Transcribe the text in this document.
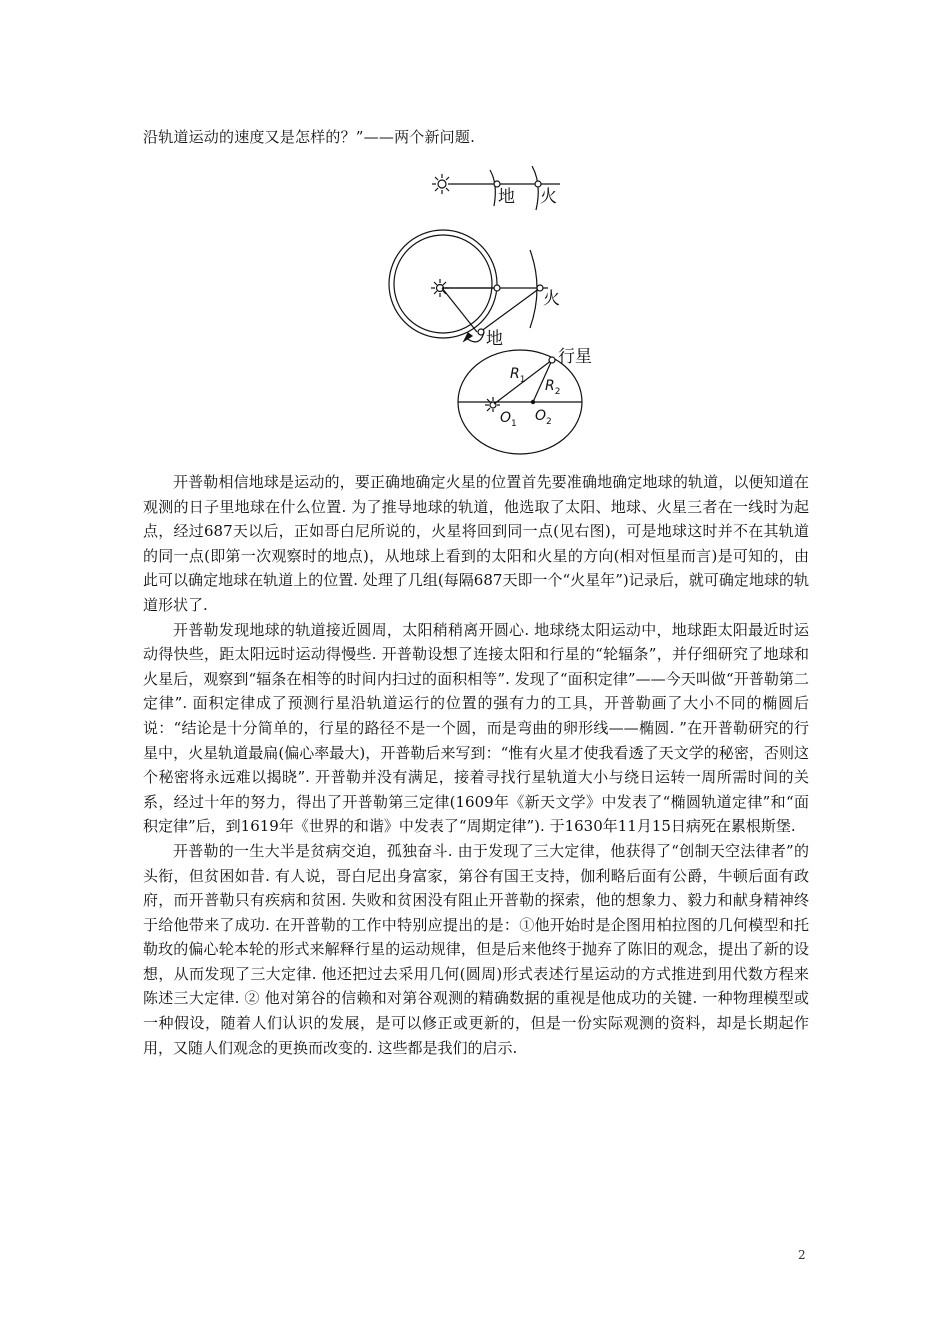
沿轨道运动的速度又是怎样的？”——两个新问题.
地 火
火
地
行星
$R_1$ $R_2$
$O_1$ $O_2$

开普勒相信地球是运动的，要正确地确定火星的位置首先要准确地确定地球的轨道，以便知道在观测的日子里地球在什么位置. 为了推导地球的轨道，他选取了太阳、地球、火星三者在一线时为起点，经过687天以后，正如哥白尼所说的，火星将回到同一点(见右图)，可是地球这时并不在其轨道的同一点(即第一次观察时的地点)，从地球上看到的太阳和火星的方向(相对恒星而言)是可知的，由此可以确定地球在轨道上的位置. 处理了几组(每隔687天即一个“火星年”)记录后，就可确定地球的轨道形状了.

开普勒发现地球的轨道接近圆周，太阳稍稍离开圆心. 地球绕太阳运动中，地球距太阳最近时运动得快些，距太阳远时运动得慢些. 开普勒设想了连接太阳和行星的“轮辐条”，并仔细研究了地球和火星后，观察到“辐条在相等的时间内扫过的面积相等”. 发现了“面积定律”——今天叫做“开普勒第二定律”. 面积定律成了预测行星沿轨道运行的位置的强有力的工具，开普勒画了大小不同的椭圆后说：“结论是十分简单的，行星的路径不是一个圆，而是弯曲的卵形线——椭圆. ”在开普勒研究的行星中，火星轨道最扁(偏心率最大)，开普勒后来写到：“惟有火星才使我看透了天文学的秘密，否则这个秘密将永远难以揭晓”. 开普勒并没有满足，接着寻找行星轨道大小与绕日运转一周所需时间的关系，经过十年的努力，得出了开普勒第三定律(1609年《新天文学》中发表了“椭圆轨道定律”和“面积定律”后，到1619年《世界的和谐》中发表了“周期定律”). 于1630年11月15日病死在累根斯堡.

开普勒的一生大半是贫病交迫，孤独奋斗. 由于发现了三大定律，他获得了“创制天空法律者”的头衔，但贫困如昔. 有人说，哥白尼出身富家，第谷有国王支持，伽利略后面有公爵，牛顿后面有政府，而开普勒只有疾病和贫困. 失败和贫困没有阻止开普勒的探索，他的想象力、毅力和献身精神终于给他带来了成功. 在开普勒的工作中特别应提出的是：①他开始时是企图用柏拉图的几何模型和托勒玫的偏心轮本轮的形式来解释行星的运动规律，但是后来他终于抛弃了陈旧的观念，提出了新的设想，从而发现了三大定律. 他还把过去采用几何(圆周)形式表述行星运动的方式推进到用代数方程来陈述三大定律. ② 他对第谷的信赖和对第谷观测的精确数据的重视是他成功的关键. 一种物理模型或一种假设，随着人们认识的发展，是可以修正或更新的，但是一份实际观测的资料，却是长期起作用，又随人们观念的更换而改变的. 这些都是我们的启示.

2
